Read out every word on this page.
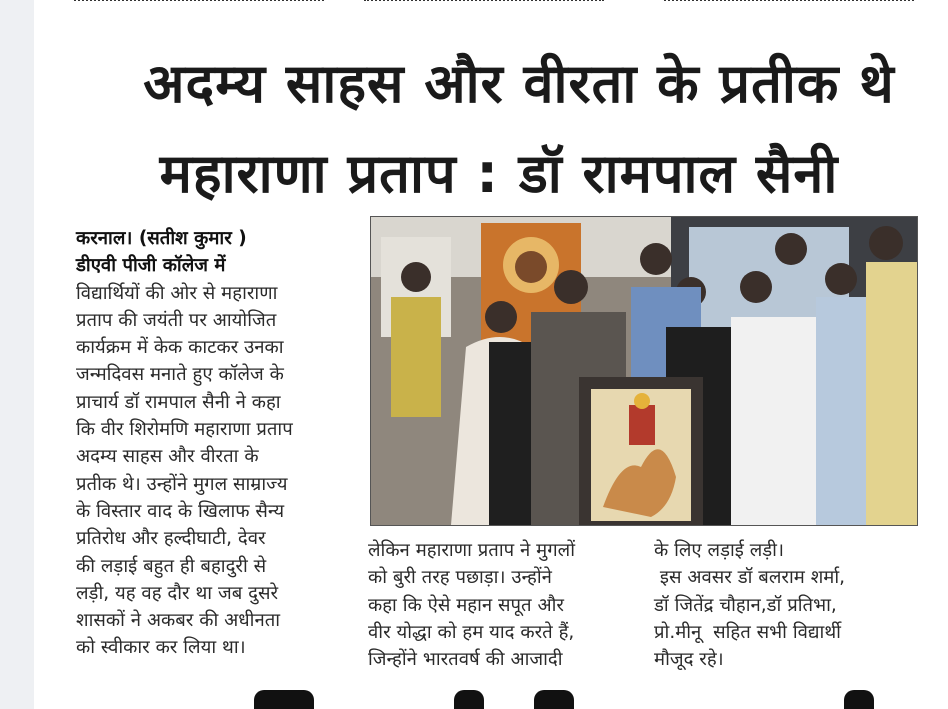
अदम्य साहस और वीरता के प्रतीक थे
महाराणा प्रताप : डॉ रामपाल सैनी
करनाल। (सतीश कुमार )
डीएवी पीजी कॉलेज में
विद्यार्थियों की ओर से महाराणा
प्रताप की जयंती पर आयोजित
कार्यक्रम में केक काटकर उनका
जन्मदिवस मनाते हुए कॉलेज के
प्राचार्य डॉ रामपाल सैनी ने कहा
कि वीर शिरोमणि महाराणा प्रताप
अदम्य साहस और वीरता के
प्रतीक थे। उन्होंने मुगल साम्राज्य
के विस्तार वाद के खिलाफ सैन्य
प्रतिरोध और हल्दीघाटी, देवर
की लड़ाई बहुत ही बहादुरी से
लड़ी, यह वह दौर था जब दुसरे
शासकों ने अकबर की अधीनता
को स्वीकार कर लिया था।
लेकिन महाराणा प्रताप ने मुगलों
को बुरी तरह पछाड़ा। उन्होंने
कहा कि ऐसे महान सपूत और
वीर योद्धा को हम याद करते हैं,
जिन्होंने भारतवर्ष की आजादी
के लिए लड़ाई लड़ी।
इस अवसर डॉ बलराम शर्मा,
डॉ जितेंद्र चौहान,डॉ प्रतिभा,
प्रो.मीनू  सहित सभी विद्यार्थी
मौजूद रहे।
